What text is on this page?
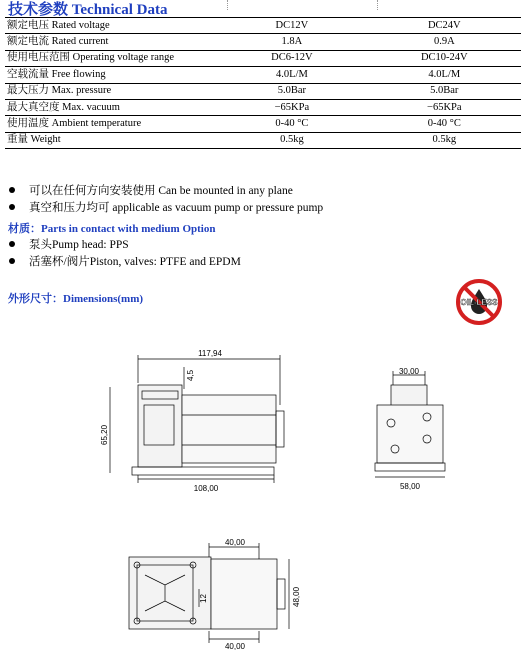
技术参数 Technical Data
额定电压 Rated voltage	DC12V	DC24V
额定电流 Rated current	1.8A	0.9A
使用电压范围 Operating voltage range	DC6-12V	DC10-24V
空载流量 Free flowing	4.0L/M	4.0L/M
最大压力 Max. pressure	5.0Bar	5.0Bar
最大真空度 Max. vacuum	−65KPa	−65KPa
使用温度 Ambient temperature	0-40 °C	0-40 °C
重量 Weight	0.5kg	0.5kg
可以在任何方向安装使用 Can be mounted in any plane
真空和压力均可 applicable as vacuum pump or pressure pump
材质：Parts in contact with medium Option
泵头Pump head: PPS
活塞杯/阀片Piston, valves: PTFE and EPDM
外形尺寸：Dimensions(mm)	OIL-LESS
117,94
4,5
65,20
108,00
30,00
58,00
40,00
48,00
12
40,00
